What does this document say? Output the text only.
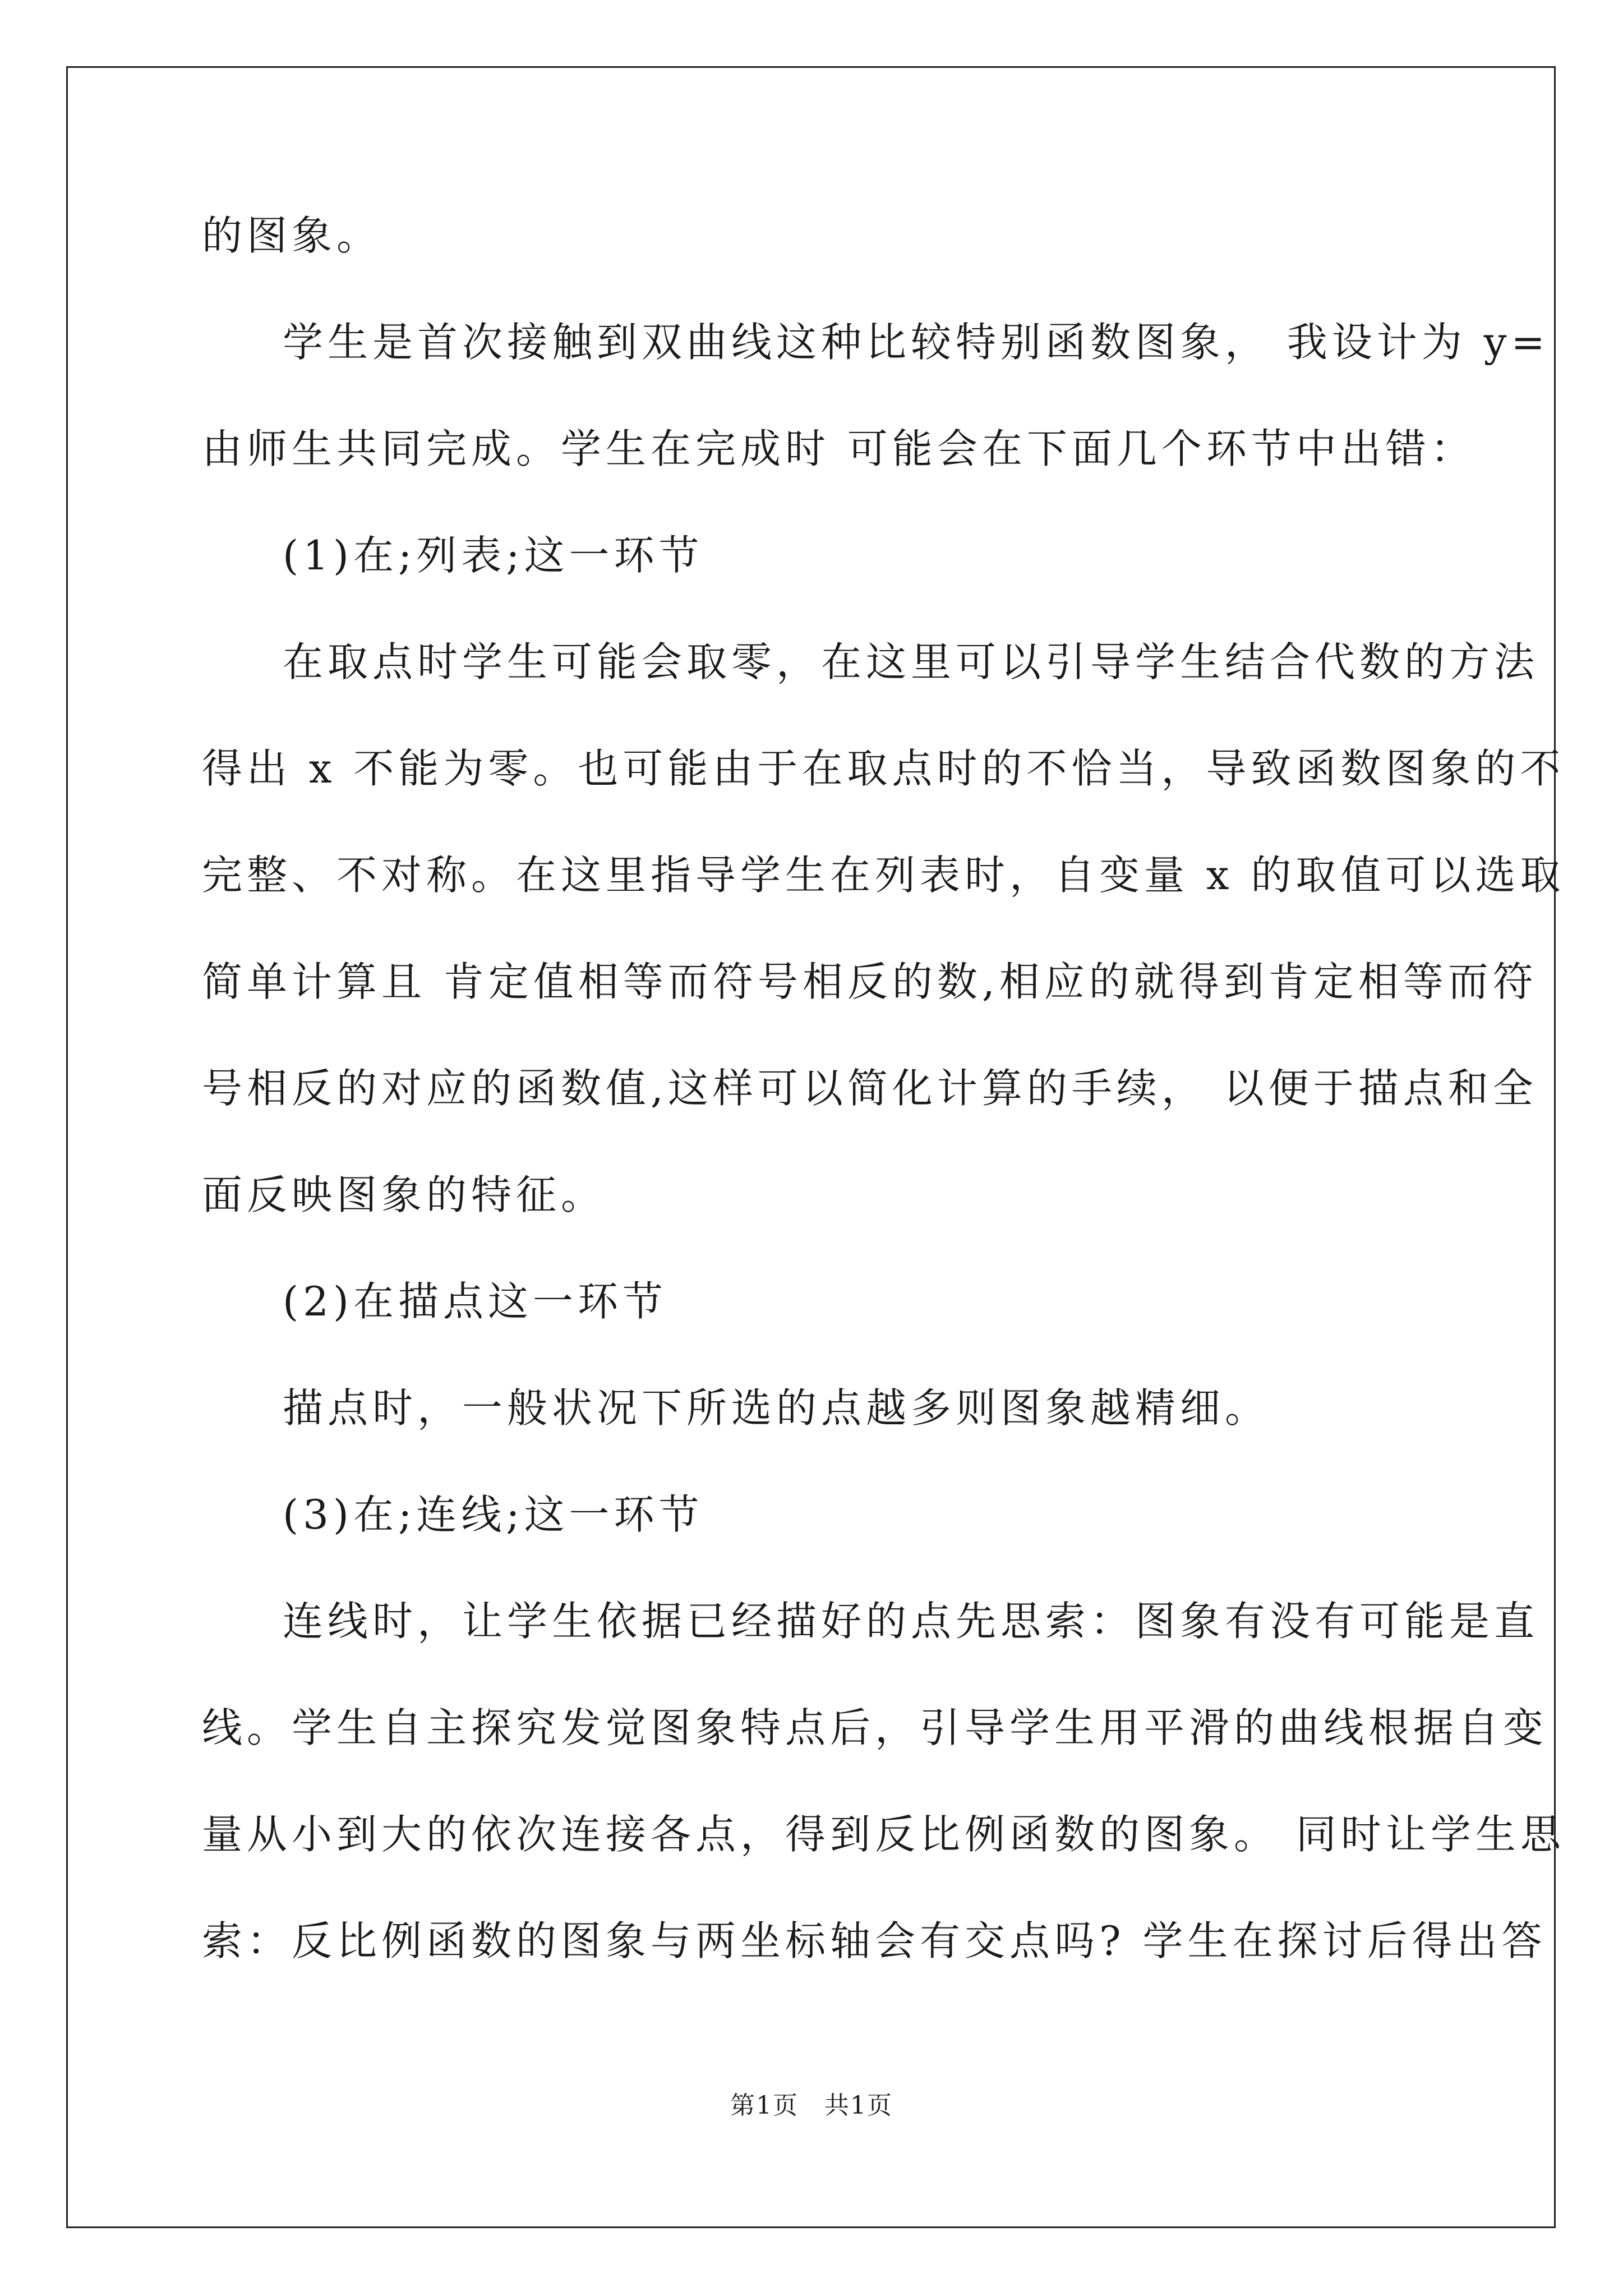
的图象。
学生是首次接触到双曲线这种比较特别函数图象， 我设计为 y=
由师生共同完成。学生在完成时 可能会在下面几个环节中出错：
(1)在;列表;这一环节
在取点时学生可能会取零，在这里可以引导学生结合代数的方法
得出 x 不能为零。也可能由于在取点时的不恰当，导致函数图象的不
完整、不对称。在这里指导学生在列表时，自变量 x 的取值可以选取
简单计算且 肯定值相等而符号相反的数,相应的就得到肯定相等而符
号相反的对应的函数值,这样可以简化计算的手续， 以便于描点和全
面反映图象的特征。
(2)在描点这一环节
描点时，一般状况下所选的点越多则图象越精细。
(3)在;连线;这一环节
连线时，让学生依据已经描好的点先思索：图象有没有可能是直
线。学生自主探究发觉图象特点后，引导学生用平滑的曲线根据自变
量从小到大的依次连接各点，得到反比例函数的图象。 同时让学生思
索：反比例函数的图象与两坐标轴会有交点吗? 学生在探讨后得出答
第1页 共1页
